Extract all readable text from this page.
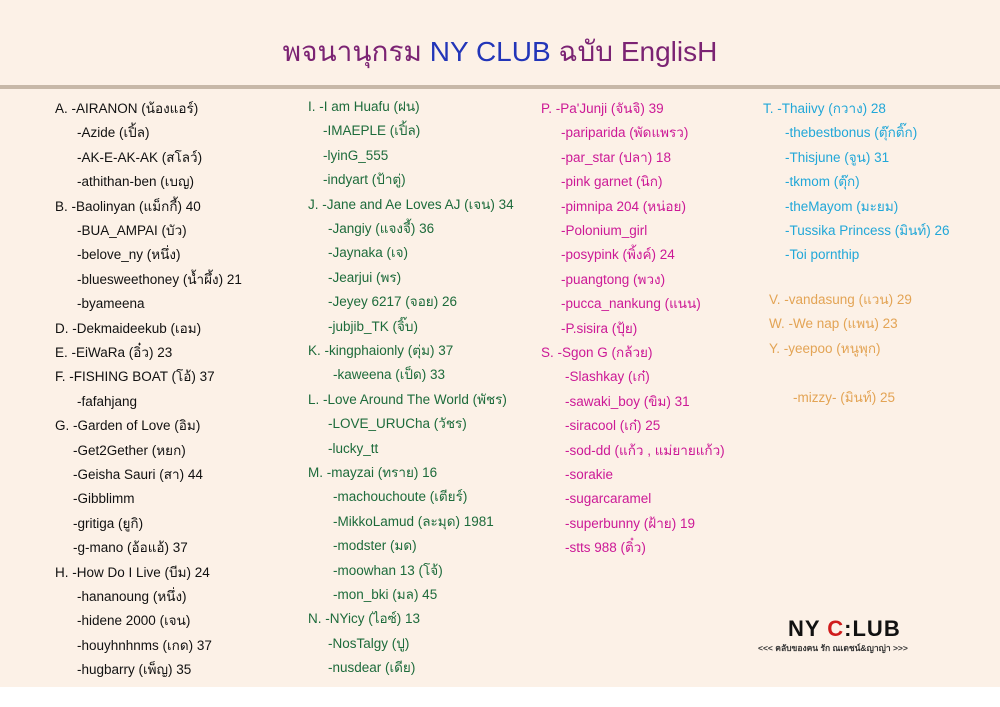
พจนานุกรม NY CLUB ฉบับ EnglisH
A. -AIRANON (น้องแอร์)
-Azide (เปิ้ล)
-AK-E-AK-AK (สโลว์)
-athithan-ben (เบญ)
B. -Baolinyan (แม็กกี้) 40
-BUA_AMPAI (บัว)
-belove_ny (หนึ่ง)
-bluesweethoney (น้ำผึ้ง) 21
-byameena
D. -Dekmaideekub (เอม)
E. -EiWaRa (อิ๋ว) 23
F. -FISHING BOAT (โอ้) 37
-fafahjang
G. -Garden of Love (อิม)
-Get2Gether (หยก)
-Geisha Sauri (สา) 44
-Gibblimm
-gritiga (ยูกิ)
-g-mano (อ้อแอ้) 37
H. -How Do I Live (บีม) 24
-hananoung (หนึ่ง)
-hidene 2000 (เจน)
-houyhnhnms (เกด) 37
-hugbarry (เพ็ญ) 35
I. -I am Huafu (ฝน)
-IMAEPLE (เปิ้ล)
-lyinG_555
-indyart (ป้าตู่)
J. -Jane and Ae Loves AJ (เจน) 34
-Jangiy (แจงจี้) 36
-Jaynaka (เจ)
-Jearjui (พร)
-Jeyey 6217 (จอย) 26
-jubjib_TK (จิ๊บ)
K. -kingphaionly (ตุ่ม) 37
-kaweena (เป็ด) 33
L. -Love Around The World (พัชร)
-LOVE_URUCha (วัชร)
-lucky_tt
M. -mayzai (ทราย) 16
-machouchoute (เตียร์)
-MikkoLamud (ละมุด) 1981
-modster (มด)
-moowhan 13 (โจ้)
-mon_bki (มล) 45
N. -NYicy (ไอซ์) 13
-NosTalgy (ปู)
-nusdear (เดีย)
P. -Pa'Junji (จันจิ) 39
-pariparida (พัดแพรว)
-par_star (ปลา) 18
-pink garnet (นิก)
-pimnipa 204 (หน่อย)
-Polonium_girl
-posypink (พิ้งค์) 24
-puangtong (พวง)
-pucca_nankung (แนน)
-P.sisira (ปุ้ย)
S. -Sgon G (กล้วย)
-Slashkay (เก๋)
-sawaki_boy (ขิม) 31
-siracool (เก๋) 25
-sod-dd (แก้ว , แม่ยายแก้ว)
-sorakie
-sugarcaramel
-superbunny (ฝ้าย) 19
-stts 988 (ติ๋ว)
T. -Thaiivy (กวาง) 28
-thebestbonus (ตุ๊กติ๊ก)
-Thisjune (จูน) 31
-tkmom (ตุ๊ก)
-theMayom (มะยม)
-Tussika Princess (มินท์) 26
-Toi pornthip
V. -vandasung (แวน) 29
W. -We nap (แพน) 23
Y. -yeepoo (หนูพุก)
-mizzy- (มินท์) 25
NY C:LUB
<<< คลับของคน รัก ณเดชน์&ญาญ่า >>>
